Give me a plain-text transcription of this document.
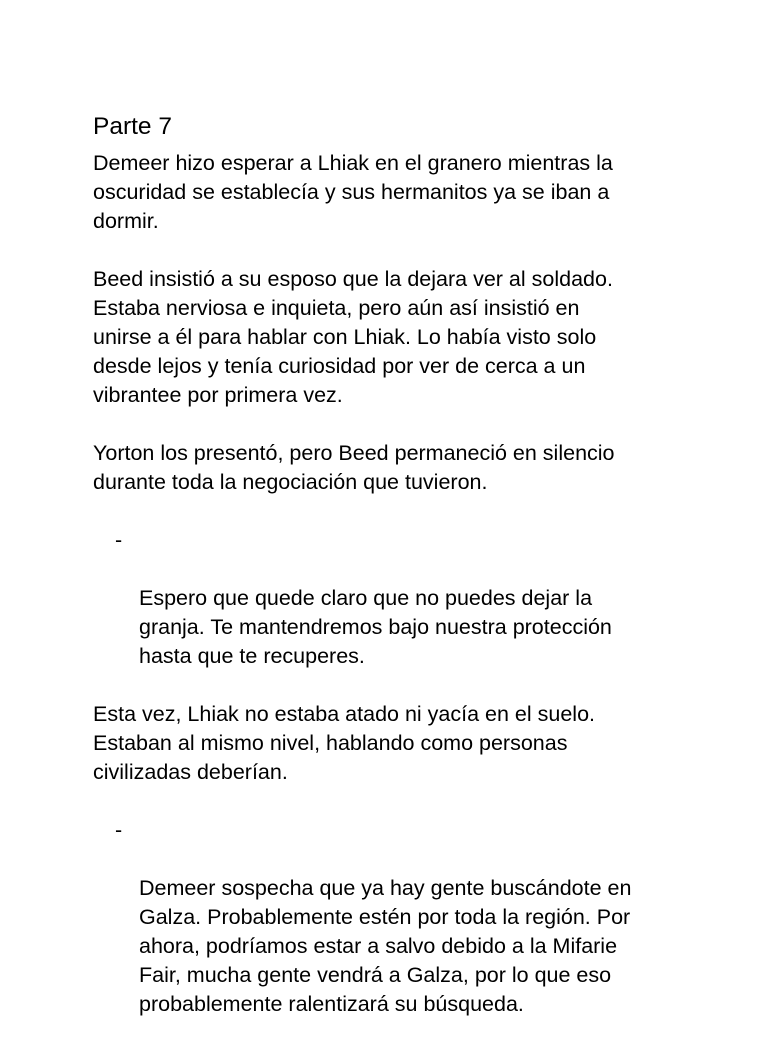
Parte 7
Demeer hizo esperar a Lhiak en el granero mientras la
oscuridad se establecía y sus hermanitos ya se iban a
dormir.
Beed insistió a su esposo que la dejara ver al soldado.
Estaba nerviosa e inquieta, pero aún así insistió en
unirse a él para hablar con Lhiak. Lo había visto solo
desde lejos y tenía curiosidad por ver de cerca a un
vibrantee por primera vez.
Yorton los presentó, pero Beed permaneció en silencio
durante toda la negociación que tuvieron.

-

Espero que quede claro que no puedes dejar la
granja. Te mantendremos bajo nuestra protección
hasta que te recuperes.

Esta vez, Lhiak no estaba atado ni yacía en el suelo.
Estaban al mismo nivel, hablando como personas
civilizadas deberían.

-

Demeer sospecha que ya hay gente buscándote en
Galza. Probablemente estén por toda la región. Por
ahora, podríamos estar a salvo debido a la Mifarie
Fair, mucha gente vendrá a Galza, por lo que eso
probablemente ralentizará su búsqueda.
